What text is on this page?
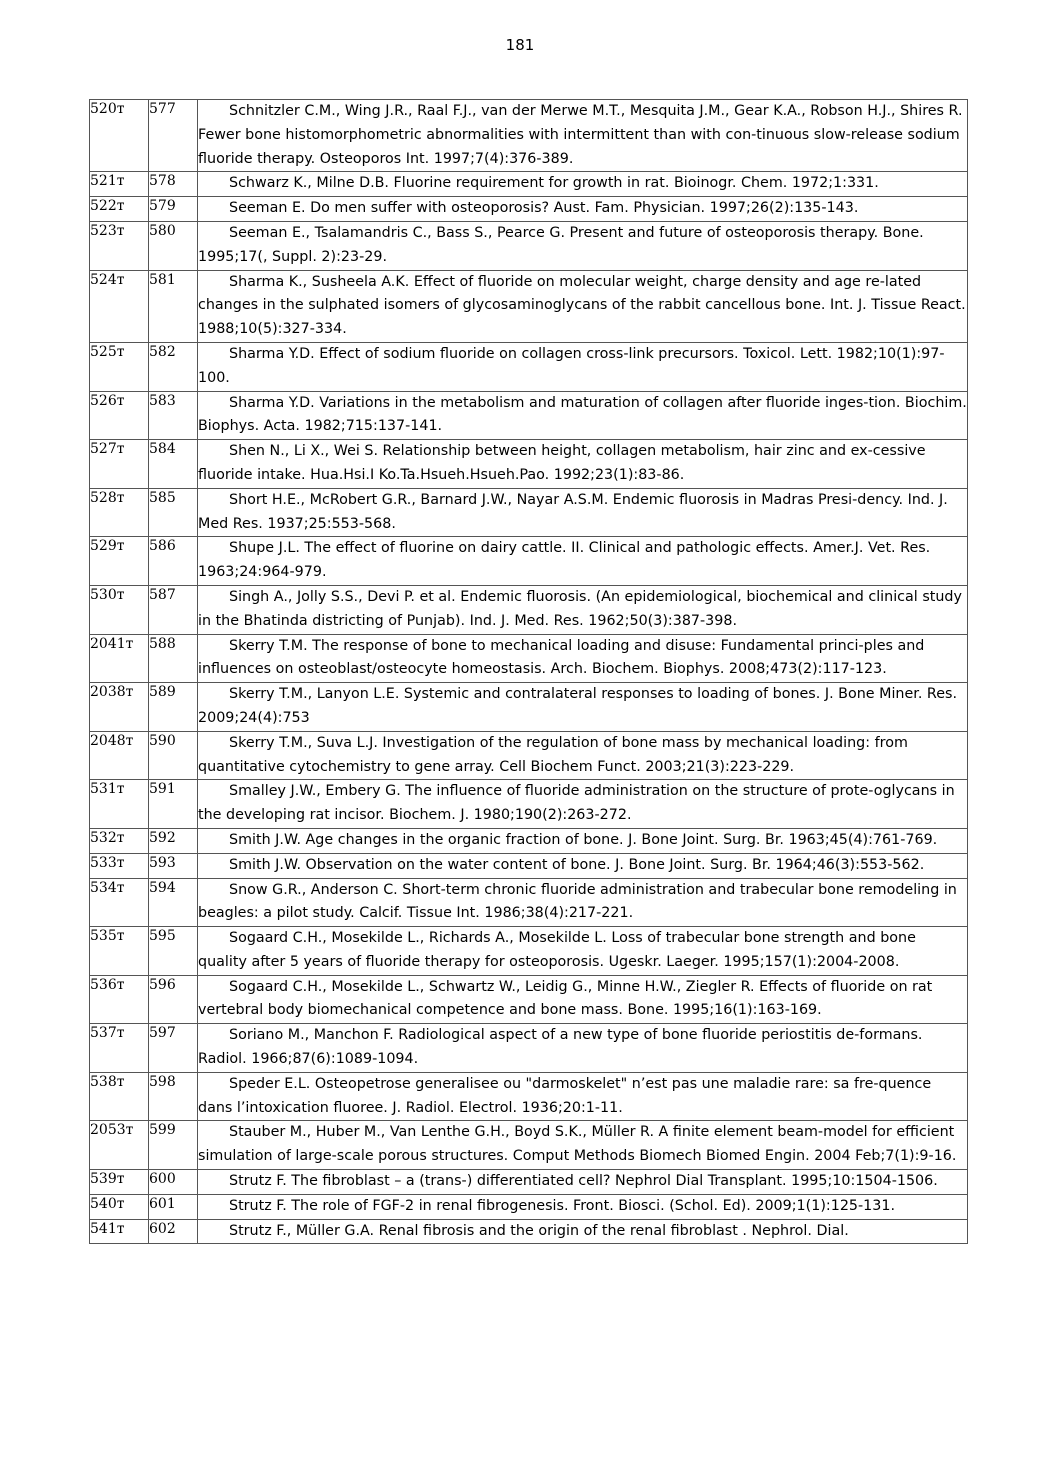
181
520т	577	Schnitzler C.M., Wing J.R., Raal F.J., van der Merwe M.T., Mesquita J.M., Gear K.A., Robson H.J., Shires R. Fewer bone histomorphometric abnormalities with intermittent than with con-tinuous slow-release sodium fluoride therapy. Osteoporos Int. 1997;7(4):376-389.
521т	578	Schwarz K., Milne D.B. Fluorine requirement for growth in rat. Bioinogr. Chem. 1972;1:331.
522т	579	Seeman E. Do men suffer with osteoporosis? Aust. Fam. Physician. 1997;26(2):135-143.
523т	580	Seeman E., Tsalamandris C., Bass S., Pearce G. Present and future of osteoporosis therapy. Bone. 1995;17(, Suppl. 2):23-29.
524т	581	Sharma K., Susheela A.K. Effect of fluoride on molecular weight, charge density and age re-lated changes in the sulphated isomers of glycosaminoglycans of the rabbit cancellous bone. Int. J. Tissue React. 1988;10(5):327-334.
525т	582	Sharma Y.D. Effect of sodium fluoride on collagen cross-link precursors. Toxicol. Lett. 1982;10(1):97-100.
526т	583	Sharma Y.D. Variations in the metabolism and maturation of collagen after fluoride inges-tion. Biochim. Biophys. Acta. 1982;715:137-141.
527т	584	Shen N., Li X., Wei S. Relationship between height, collagen metabolism, hair zinc and ex-cessive fluoride intake. Hua.Hsi.I Ko.Ta.Hsueh.Hsueh.Pao. 1992;23(1):83-86.
528т	585	Short H.E., McRobert G.R., Barnard J.W., Nayar A.S.M. Endemic fluorosis in Madras Presi-dency. Ind. J. Med Res. 1937;25:553-568.
529т	586	Shupe J.L. The effect of fluorine on dairy cattle. II. Clinical and pathologic effects. Amer.J. Vet. Res. 1963;24:964-979.
530т	587	Singh A., Jolly S.S., Devi P. et al. Endemic fluorosis. (An epidemiological, biochemical and clinical study in the Bhatinda districting of Punjab). Ind. J. Med. Res. 1962;50(3):387-398.
2041т	588	Skerry T.M. The response of bone to mechanical loading and disuse: Fundamental princi-ples and influences on osteoblast/osteocyte homeostasis. Arch. Biochem. Biophys. 2008;473(2):117-123.
2038т	589	Skerry T.M., Lanyon L.E. Systemic and contralateral responses to loading of bones. J. Bone Miner. Res. 2009;24(4):753
2048т	590	Skerry T.M., Suva L.J. Investigation of the regulation of bone mass by mechanical loading: from quantitative cytochemistry to gene array. Cell Biochem Funct. 2003;21(3):223-229.
531т	591	Smalley J.W., Embery G. The influence of fluoride administration on the structure of prote-oglycans in the developing rat incisor. Biochem. J. 1980;190(2):263-272.
532т	592	Smith J.W. Age changes in the organic fraction of bone. J. Bone Joint. Surg. Br. 1963;45(4):761-769.
533т	593	Smith J.W. Observation on the water content of bone. J. Bone Joint. Surg. Br. 1964;46(3):553-562.
534т	594	Snow G.R., Anderson C. Short-term chronic fluoride administration and trabecular bone remodeling in beagles: a pilot study. Calcif. Tissue Int. 1986;38(4):217-221.
535т	595	Sogaard C.H., Mosekilde L., Richards A., Mosekilde L. Loss of trabecular bone strength and bone quality after 5 years of fluoride therapy for osteoporosis. Ugeskr. Laeger. 1995;157(1):2004-2008.
536т	596	Sogaard C.H., Mosekilde L., Schwartz W., Leidig G., Minne H.W., Ziegler R. Effects of fluoride on rat vertebral body biomechanical competence and bone mass. Bone. 1995;16(1):163-169.
537т	597	Soriano M., Manchon F. Radiological aspect of a new type of bone fluoride periostitis de-formans. Radiol. 1966;87(6):1089-1094.
538т	598	Speder E.L. Osteopetrose generalisee ou "darmoskelet" n’est pas une maladie rare: sa fre-quence dans l’intoxication fluoree. J. Radiol. Electrol. 1936;20:1-11.
2053т	599	Stauber M., Huber M., Van Lenthe G.H., Boyd S.K., Müller R. A finite element beam-model for efficient simulation of large-scale porous structures. Comput Methods Biomech Biomed Engin. 2004 Feb;7(1):9-16.
539т	600	Strutz F. The fibroblast – a (trans-) differentiated cell? Nephrol Dial Transplant. 1995;10:1504-1506.
540т	601	Strutz F. The role of FGF-2 in renal fibrogenesis. Front. Biosci. (Schol. Ed). 2009;1(1):125-131.
541т	602	Strutz F., Müller G.A. Renal fibrosis and the origin of the renal fibroblast . Nephrol. Dial.
